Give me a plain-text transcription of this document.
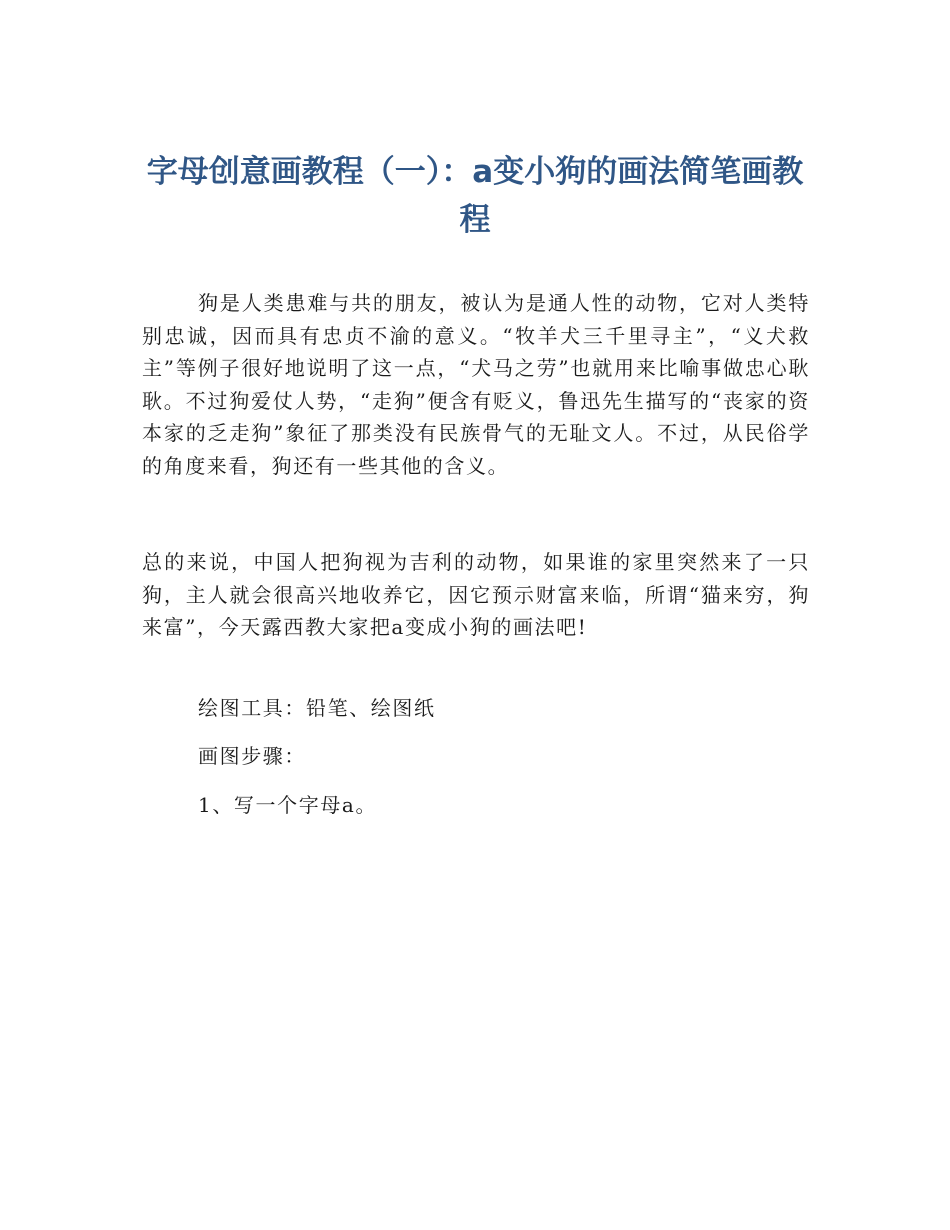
字母创意画教程（一）：a变小狗的画法简笔画教程

狗是人类患难与共的朋友，被认为是通人性的动物，它对人类特别忠诚，因而具有忠贞不渝的意义。“牧羊犬三千里寻主”，“义犬救主”等例子很好地说明了这一点，“犬马之劳”也就用来比喻事做忠心耿耿。不过狗爱仗人势，“走狗”便含有贬义，鲁迅先生描写的“丧家的资本家的乏走狗”象征了那类没有民族骨气的无耻文人。不过，从民俗学的角度来看，狗还有一些其他的含义。

总的来说，中国人把狗视为吉利的动物，如果谁的家里突然来了一只狗，主人就会很高兴地收养它，因它预示财富来临，所谓“猫来穷，狗来富”，今天露西教大家把a变成小狗的画法吧!

绘图工具：铅笔、绘图纸

画图步骤：

1、写一个字母a。
